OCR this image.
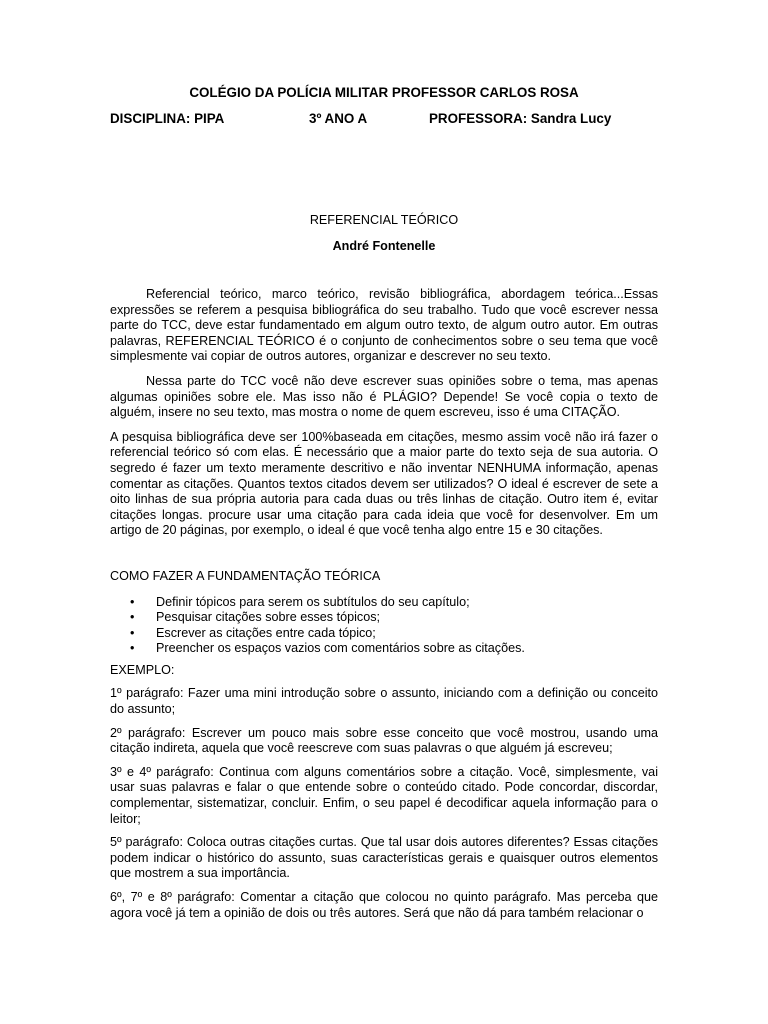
COLÉGIO DA POLÍCIA MILITAR PROFESSOR CARLOS ROSA
DISCIPLINA: PIPA	3º ANO A	PROFESSORA: Sandra Lucy
REFERENCIAL TEÓRICO
André Fontenelle

Referencial teórico, marco teórico, revisão bibliográfica, abordagem teórica...Essas expressões se referem a pesquisa bibliográfica do seu trabalho. Tudo que você escrever nessa parte do TCC, deve estar fundamentado em algum outro texto, de algum outro autor. Em outras palavras, REFERENCIAL TEÓRICO é o conjunto de conhecimentos sobre o seu tema que você simplesmente vai copiar de outros autores, organizar e descrever no seu texto.

Nessa parte do TCC você não deve escrever suas opiniões sobre o tema, mas apenas algumas opiniões sobre ele. Mas isso não é PLÁGIO? Depende! Se você copia o texto de alguém, insere no seu texto, mas mostra o nome de quem escreveu, isso é uma CITAÇÃO.

A pesquisa bibliográfica deve ser 100%baseada em citações, mesmo assim você não irá fazer o referencial teórico só com elas. É necessário que a maior parte do texto seja de sua autoria. O segredo é fazer um texto meramente descritivo e não inventar NENHUMA informação, apenas comentar as citações. Quantos textos citados devem ser utilizados? O ideal é escrever de sete a oito linhas de sua própria autoria para cada duas ou três linhas de citação. Outro item é, evitar citações longas. procure usar uma citação para cada ideia que você for desenvolver. Em um artigo de 20 páginas, por exemplo, o ideal é que você tenha algo entre 15 e 30 citações.

COMO FAZER A FUNDAMENTAÇÃO TEÓRICA

• Definir tópicos para serem os subtítulos do seu capítulo;
• Pesquisar citações sobre esses tópicos;
• Escrever as citações entre cada tópico;
• Preencher os espaços vazios com comentários sobre as citações.

EXEMPLO:

1º parágrafo: Fazer uma mini introdução sobre o assunto, iniciando com a definição ou conceito do assunto;

2º parágrafo: Escrever um pouco mais sobre esse conceito que você mostrou, usando uma citação indireta, aquela que você reescreve com suas palavras o que alguém já escreveu;

3º e 4º parágrafo: Continua com alguns comentários sobre a citação. Você, simplesmente, vai usar suas palavras e falar o que entende sobre o conteúdo citado. Pode concordar, discordar, complementar, sistematizar, concluir. Enfim, o seu papel é decodificar aquela informação para o leitor;

5º parágrafo: Coloca outras citações curtas. Que tal usar dois autores diferentes? Essas citações podem indicar o histórico do assunto, suas características gerais e quaisquer outros elementos que mostrem a sua importância.

6º, 7º e 8º parágrafo: Comentar a citação que colocou no quinto parágrafo. Mas perceba que agora você já tem a opinião de dois ou três autores. Será que não dá para também relacionar o
